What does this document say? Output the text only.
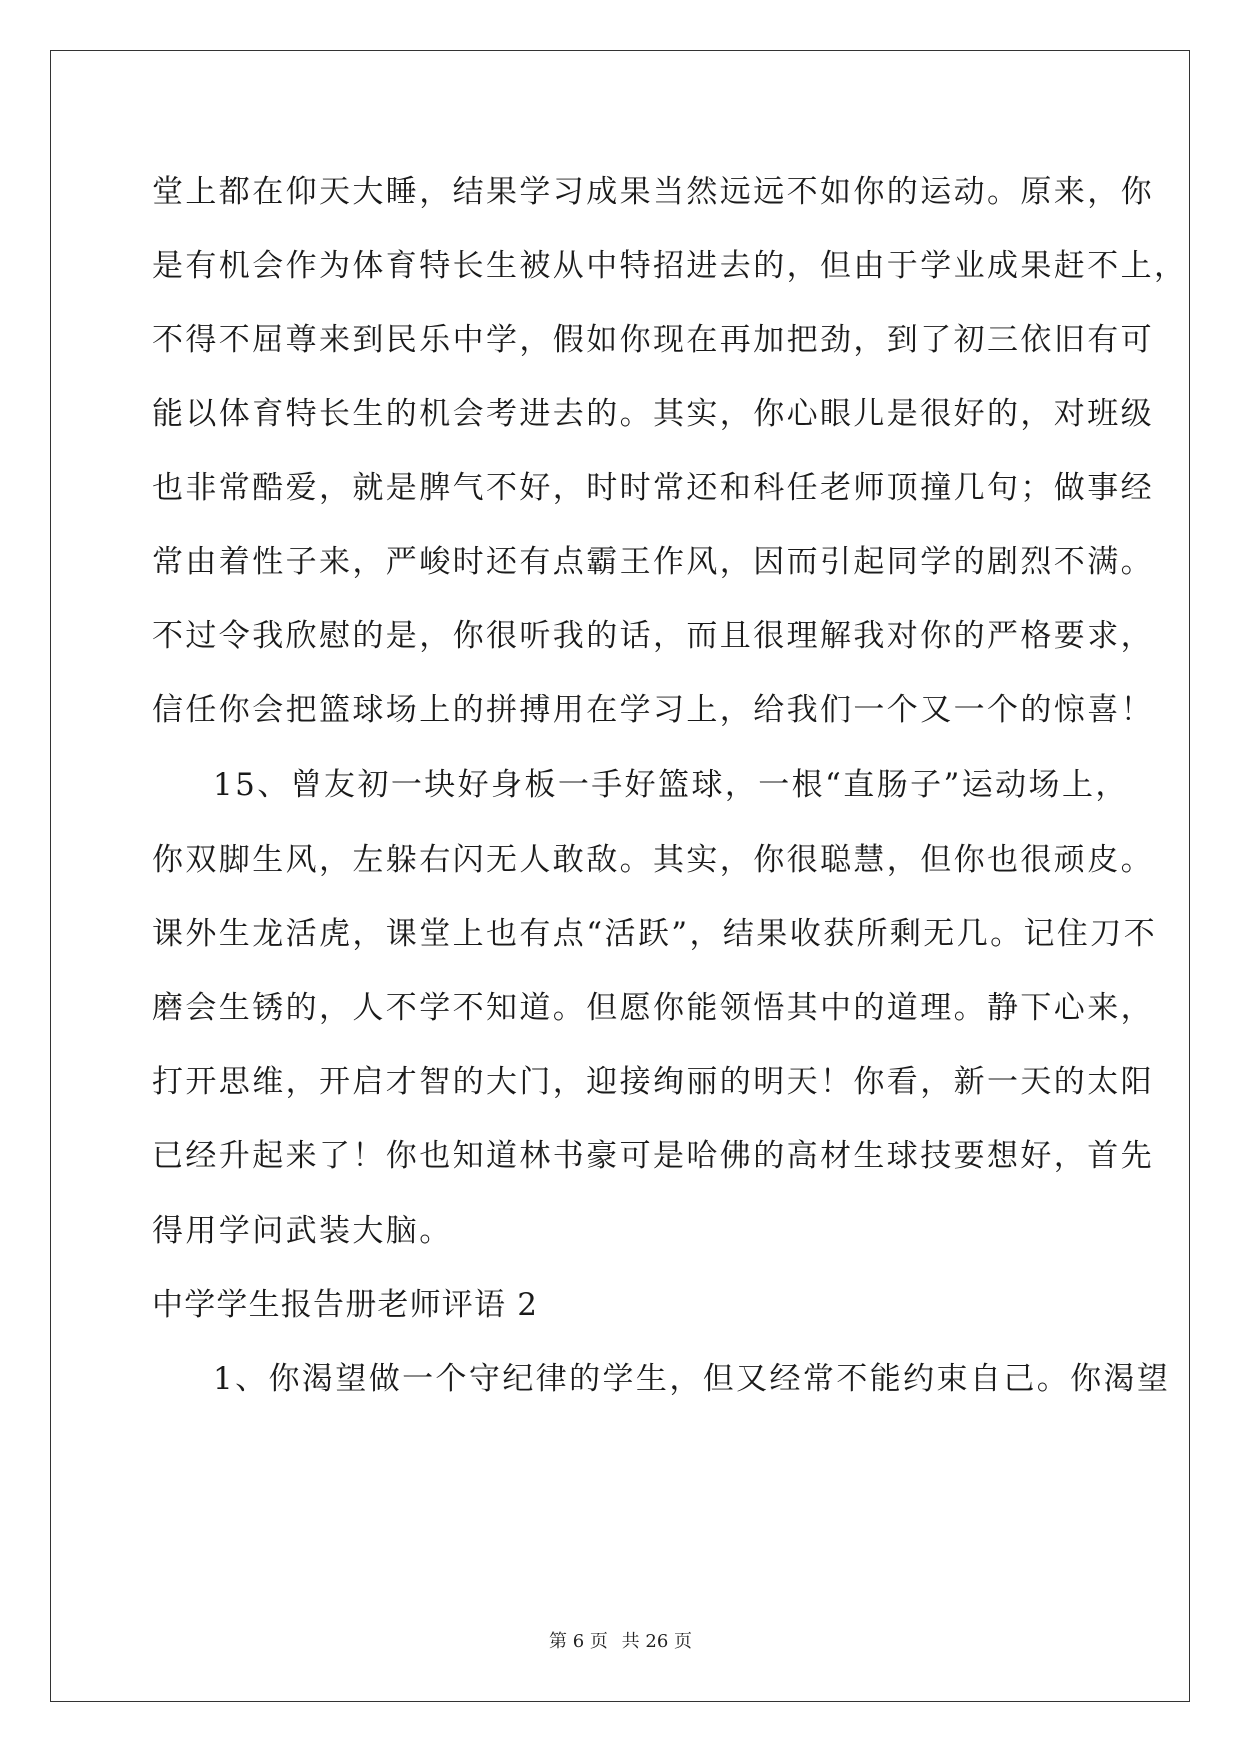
堂上都在仰天大睡，结果学习成果当然远远不如你的运动。原来，你
是有机会作为体育特长生被从中特招进去的，但由于学业成果赶不上，
不得不屈尊来到民乐中学，假如你现在再加把劲，到了初三依旧有可
能以体育特长生的机会考进去的。其实，你心眼儿是很好的，对班级
也非常酷爱，就是脾气不好，时时常还和科任老师顶撞几句；做事经
常由着性子来，严峻时还有点霸王作风，因而引起同学的剧烈不满。
不过令我欣慰的是，你很听我的话，而且很理解我对你的严格要求，
信任你会把篮球场上的拼搏用在学习上，给我们一个又一个的惊喜！
15、曾友初一块好身板一手好篮球，一根“直肠子”运动场上，
你双脚生风，左躲右闪无人敢敌。其实，你很聪慧，但你也很顽皮。
课外生龙活虎，课堂上也有点“活跃”，结果收获所剩无几。记住刀不
磨会生锈的，人不学不知道。但愿你能领悟其中的道理。静下心来，
打开思维，开启才智的大门，迎接绚丽的明天！你看，新一天的太阳
已经升起来了！你也知道林书豪可是哈佛的高材生球技要想好，首先
得用学问武装大脑。
中学学生报告册老师评语 2
1、你渴望做一个守纪律的学生，但又经常不能约束自己。你渴望
第 6 页 共 26 页
